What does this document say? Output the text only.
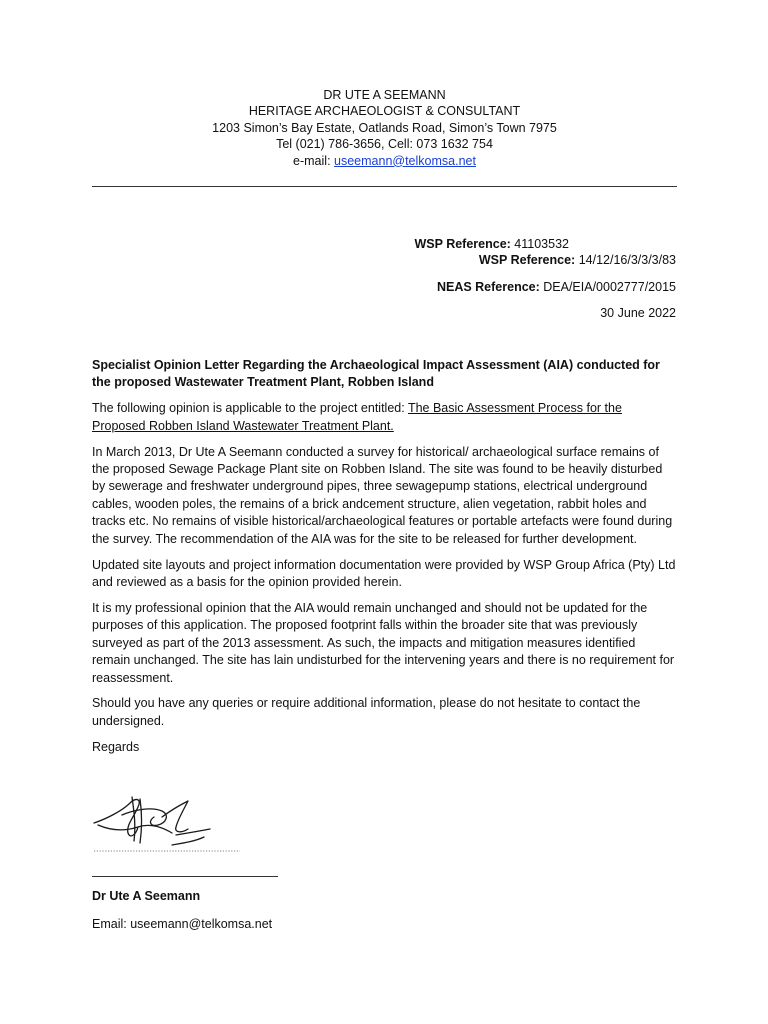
DR UTE A SEEMANN
HERITAGE ARCHAEOLOGIST & CONSULTANT
1203 Simon’s Bay Estate, Oatlands Road, Simon’s Town 7975
Tel (021) 786-3656, Cell: 073 1632 754
e-mail: useemann@telkomsa.net
WSP Reference: 41103532
WSP Reference: 14/12/16/3/3/3/83
NEAS Reference: DEA/EIA/0002777/2015
30 June 2022

Specialist Opinion Letter Regarding the Archaeological Impact Assessment (AIA) conducted for the proposed Wastewater Treatment Plant, Robben Island

The following opinion is applicable to the project entitled: The Basic Assessment Process for the Proposed Robben Island Wastewater Treatment Plant.

In March 2013, Dr Ute A Seemann conducted a survey for historical/ archaeological surface remains of the proposed Sewage Package Plant site on Robben Island. The site was found to be heavily disturbed by sewerage and freshwater underground pipes, three sewagepump stations, electrical underground cables, wooden poles, the remains of a brick andcement structure, alien vegetation, rabbit holes and tracks etc. No remains of visible historical/archaeological features or portable artefacts were found during the survey. The recommendation of the AIA was for the site to be released for further development.

Updated site layouts and project information documentation were provided by WSP Group Africa (Pty) Ltd and reviewed as a basis for the opinion provided herein.

It is my professional opinion that the AIA would remain unchanged and should not be updated for the purposes of this application. The proposed footprint falls within the broader site that was previously surveyed as part of the 2013 assessment. As such, the impacts and mitigation measures identified remain unchanged. The site has lain undisturbed for the intervening years and there is no requirement for reassessment.

Should you have any queries or require additional information, please do not hesitate to contact the undersigned.

Regards

Dr Ute A Seemann
Email: useemann@telkomsa.net
